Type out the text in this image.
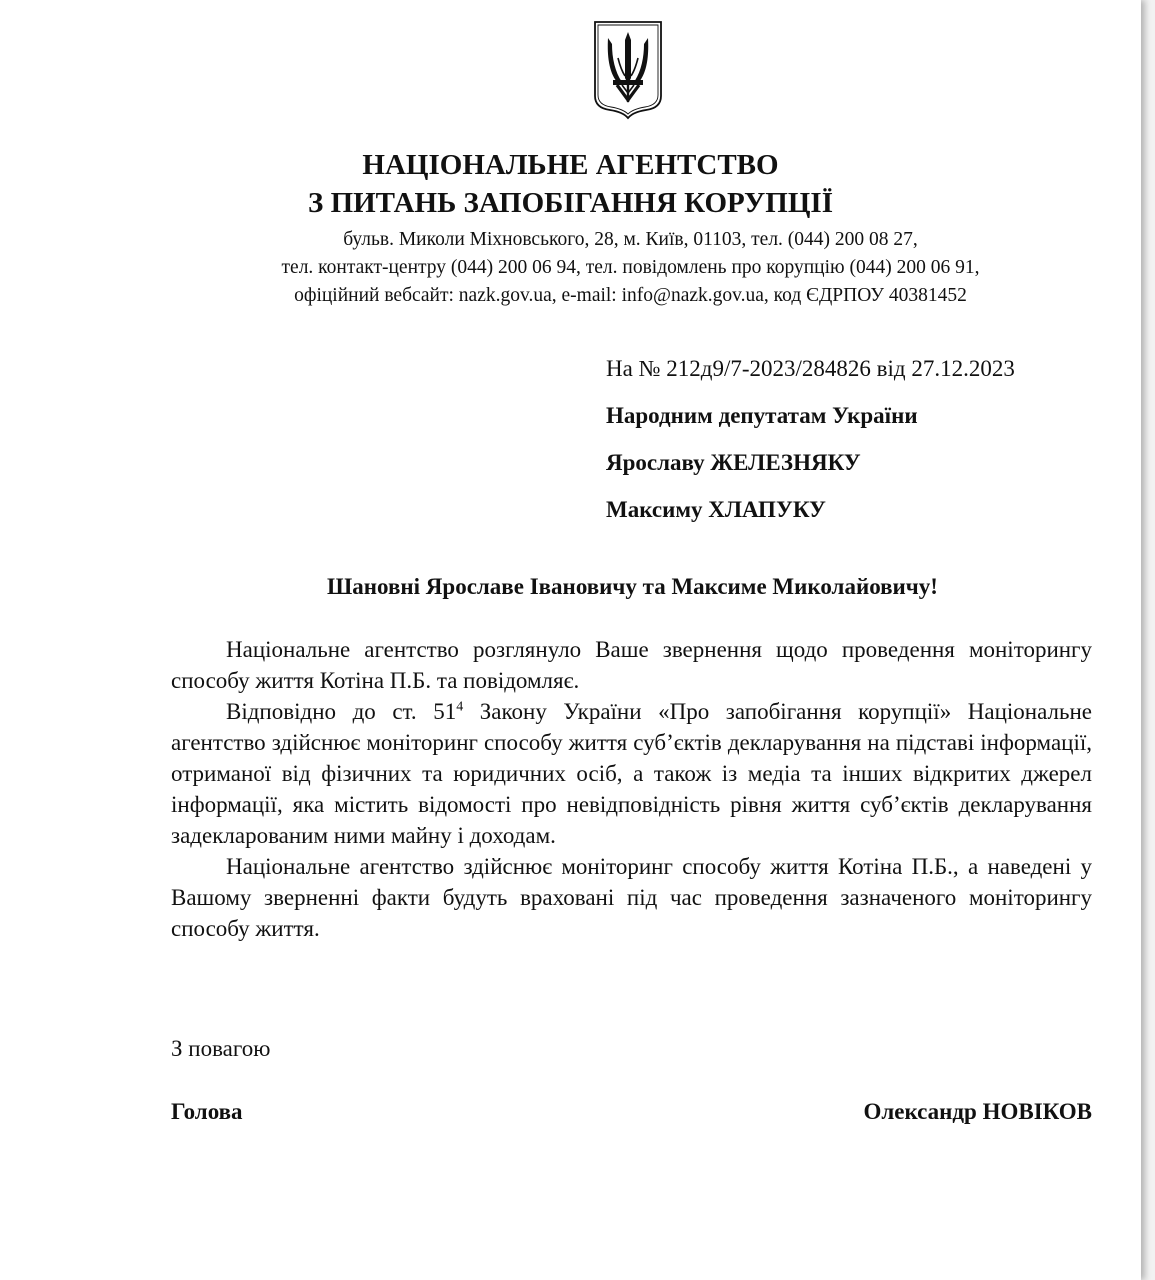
НАЦІОНАЛЬНЕ АГЕНТСТВО
З ПИТАНЬ ЗАПОБІГАННЯ КОРУПЦІЇ
бульв. Миколи Міхновського, 28, м. Київ, 01103, тел. (044) 200 08 27,
тел. контакт-центру (044) 200 06 94, тел. повідомлень про корупцію (044) 200 06 91,
офіційний вебсайт: nazk.gov.ua, e-mail: info@nazk.gov.ua, код ЄДРПОУ 40381452
На № 212д9/7-2023/284826 від 27.12.2023
Народним депутатам України
Ярославу ЖЕЛЕЗНЯКУ
Максиму ХЛАПУКУ
Шановні Ярославе Івановичу та Максиме Миколайовичу!

Національне агентство розглянуло Ваше звернення щодо проведення моніторингу способу життя Котіна П.Б. та повідомляє.

Відповідно до ст. $51^4$ Закону України «Про запобігання корупції» Національне агентство здійснює моніторинг способу життя суб’єктів декларування на підставі інформації, отриманої від фізичних та юридичних осіб, а також із медіа та інших відкритих джерел інформації, яка містить відомості про невідповідність рівня життя суб’єктів декларування задекларованим ними майну і доходам.

Національне агентство здійснює моніторинг способу життя Котіна П.Б., а наведені у Вашому зверненні факти будуть враховані під час проведення зазначеного моніторингу способу життя.

З повагою
Голова	Олександр НОВІКОВ
